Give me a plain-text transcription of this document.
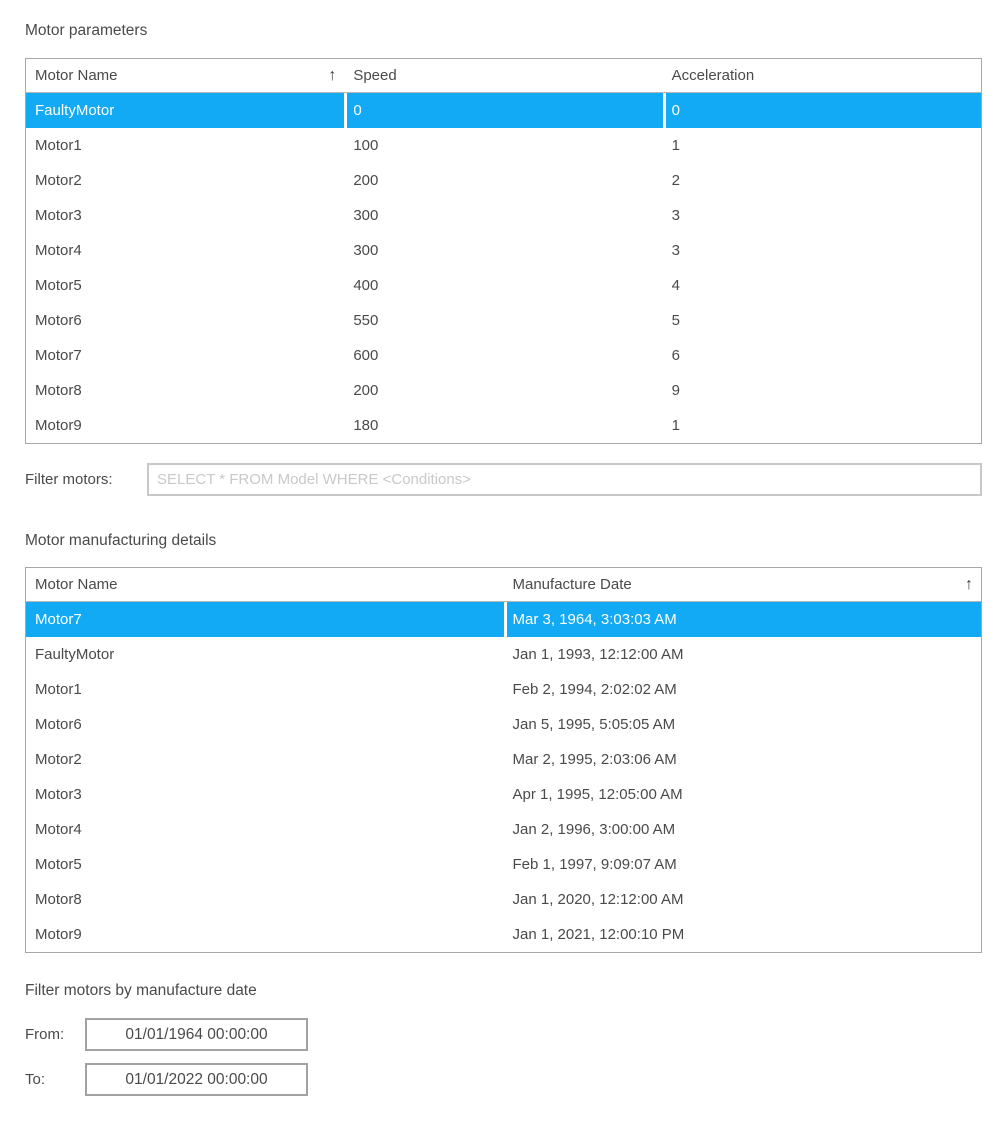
Motor parameters
Motor Name	↑ Speed	Acceleration
FaultyMotor	0	0
Motor1	100	1
Motor2	200	2
Motor3	300	3
Motor4	300	3
Motor5	400	4
Motor6	550	5
Motor7	600	6
Motor8	200	9
Motor9	180	1
Filter motors:
SELECT * FROM Model WHERE <Conditions>
Motor manufacturing details
Motor Name	Manufacture Date	↑
Motor7	Mar 3, 1964, 3:03:03 AM
FaultyMotor	Jan 1, 1993, 12:12:00 AM
Motor1	Feb 2, 1994, 2:02:02 AM
Motor6	Jan 5, 1995, 5:05:05 AM
Motor2	Mar 2, 1995, 2:03:06 AM
Motor3	Apr 1, 1995, 12:05:00 AM
Motor4	Jan 2, 1996, 3:00:00 AM
Motor5	Feb 1, 1997, 9:09:07 AM
Motor8	Jan 1, 2020, 12:12:00 AM
Motor9	Jan 1, 2021, 12:00:10 PM
Filter motors by manufacture date
From:
01/01/1964 00:00:00
To:
01/01/2022 00:00:00
